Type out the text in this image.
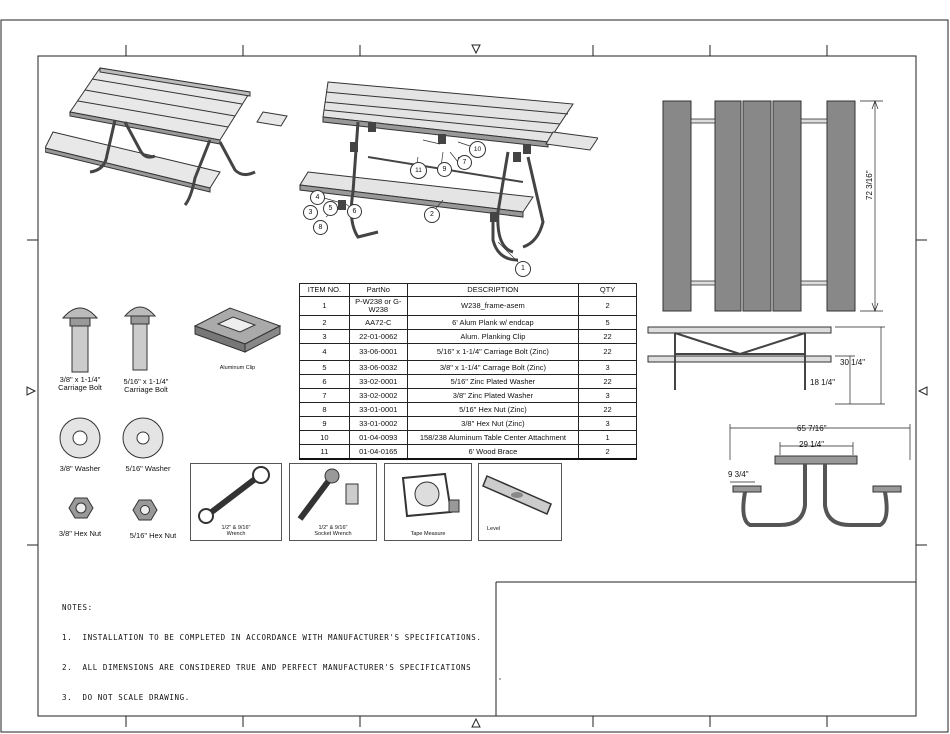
1
2
3
4
5	6
7
8
9
10
11	72 3/16"
30 1/4"
18 1/4"
65 7/16"
29 1/4"
9 3/4"
ITEM NO.	PartNo	DESCRIPTION	QTY
1	P-W238 or G-W238	W238_frame-asem	2
2	AA72-C	6' Alum Plank w/ endcap	5
3	22-01-0062	Alum. Planking Clip	22
4	33-06-0001	5/16" x 1-1/4" Carriage Bolt (Zinc)	22
5	33-06-0032	3/8" x 1-1/4" Carrage Bolt (Zinc)	3
6	33-02-0001	5/16" Zinc Plated Washer	22
7	33-02-0002	3/8" Zinc Plated Washer	3
8	33-01-0001	5/16" Hex Nut (Zinc)	22
9	33-01-0002	3/8" Hex Nut (Zinc)	3
10	01-04-0093	158/238 Aluminum Table Center Attachment	1
11	01-04-0165	6' Wood Brace	2
3/8" x 1-1/4"
Carriage Bolt
5/16" x 1-1/4"
Carriage Bolt
Aluminum Clip
3/8" Washer	5/16" Washer
3/8" Hex Nut	5/16" Hex Nut
1/2" & 9/16"
Wrench
1/2" & 9/16"
Socket Wrench	Tape Measure
Level

NOTES:

1.  INSTALLATION TO BE COMPLETED IN ACCORDANCE WITH MANUFACTURER'S SPECIFICATIONS.

2.  ALL DIMENSIONS ARE CONSIDERED TRUE AND PERFECT MANUFACTURER'S SPECIFICATIONS

3.  DO NOT SCALE DRAWING.
